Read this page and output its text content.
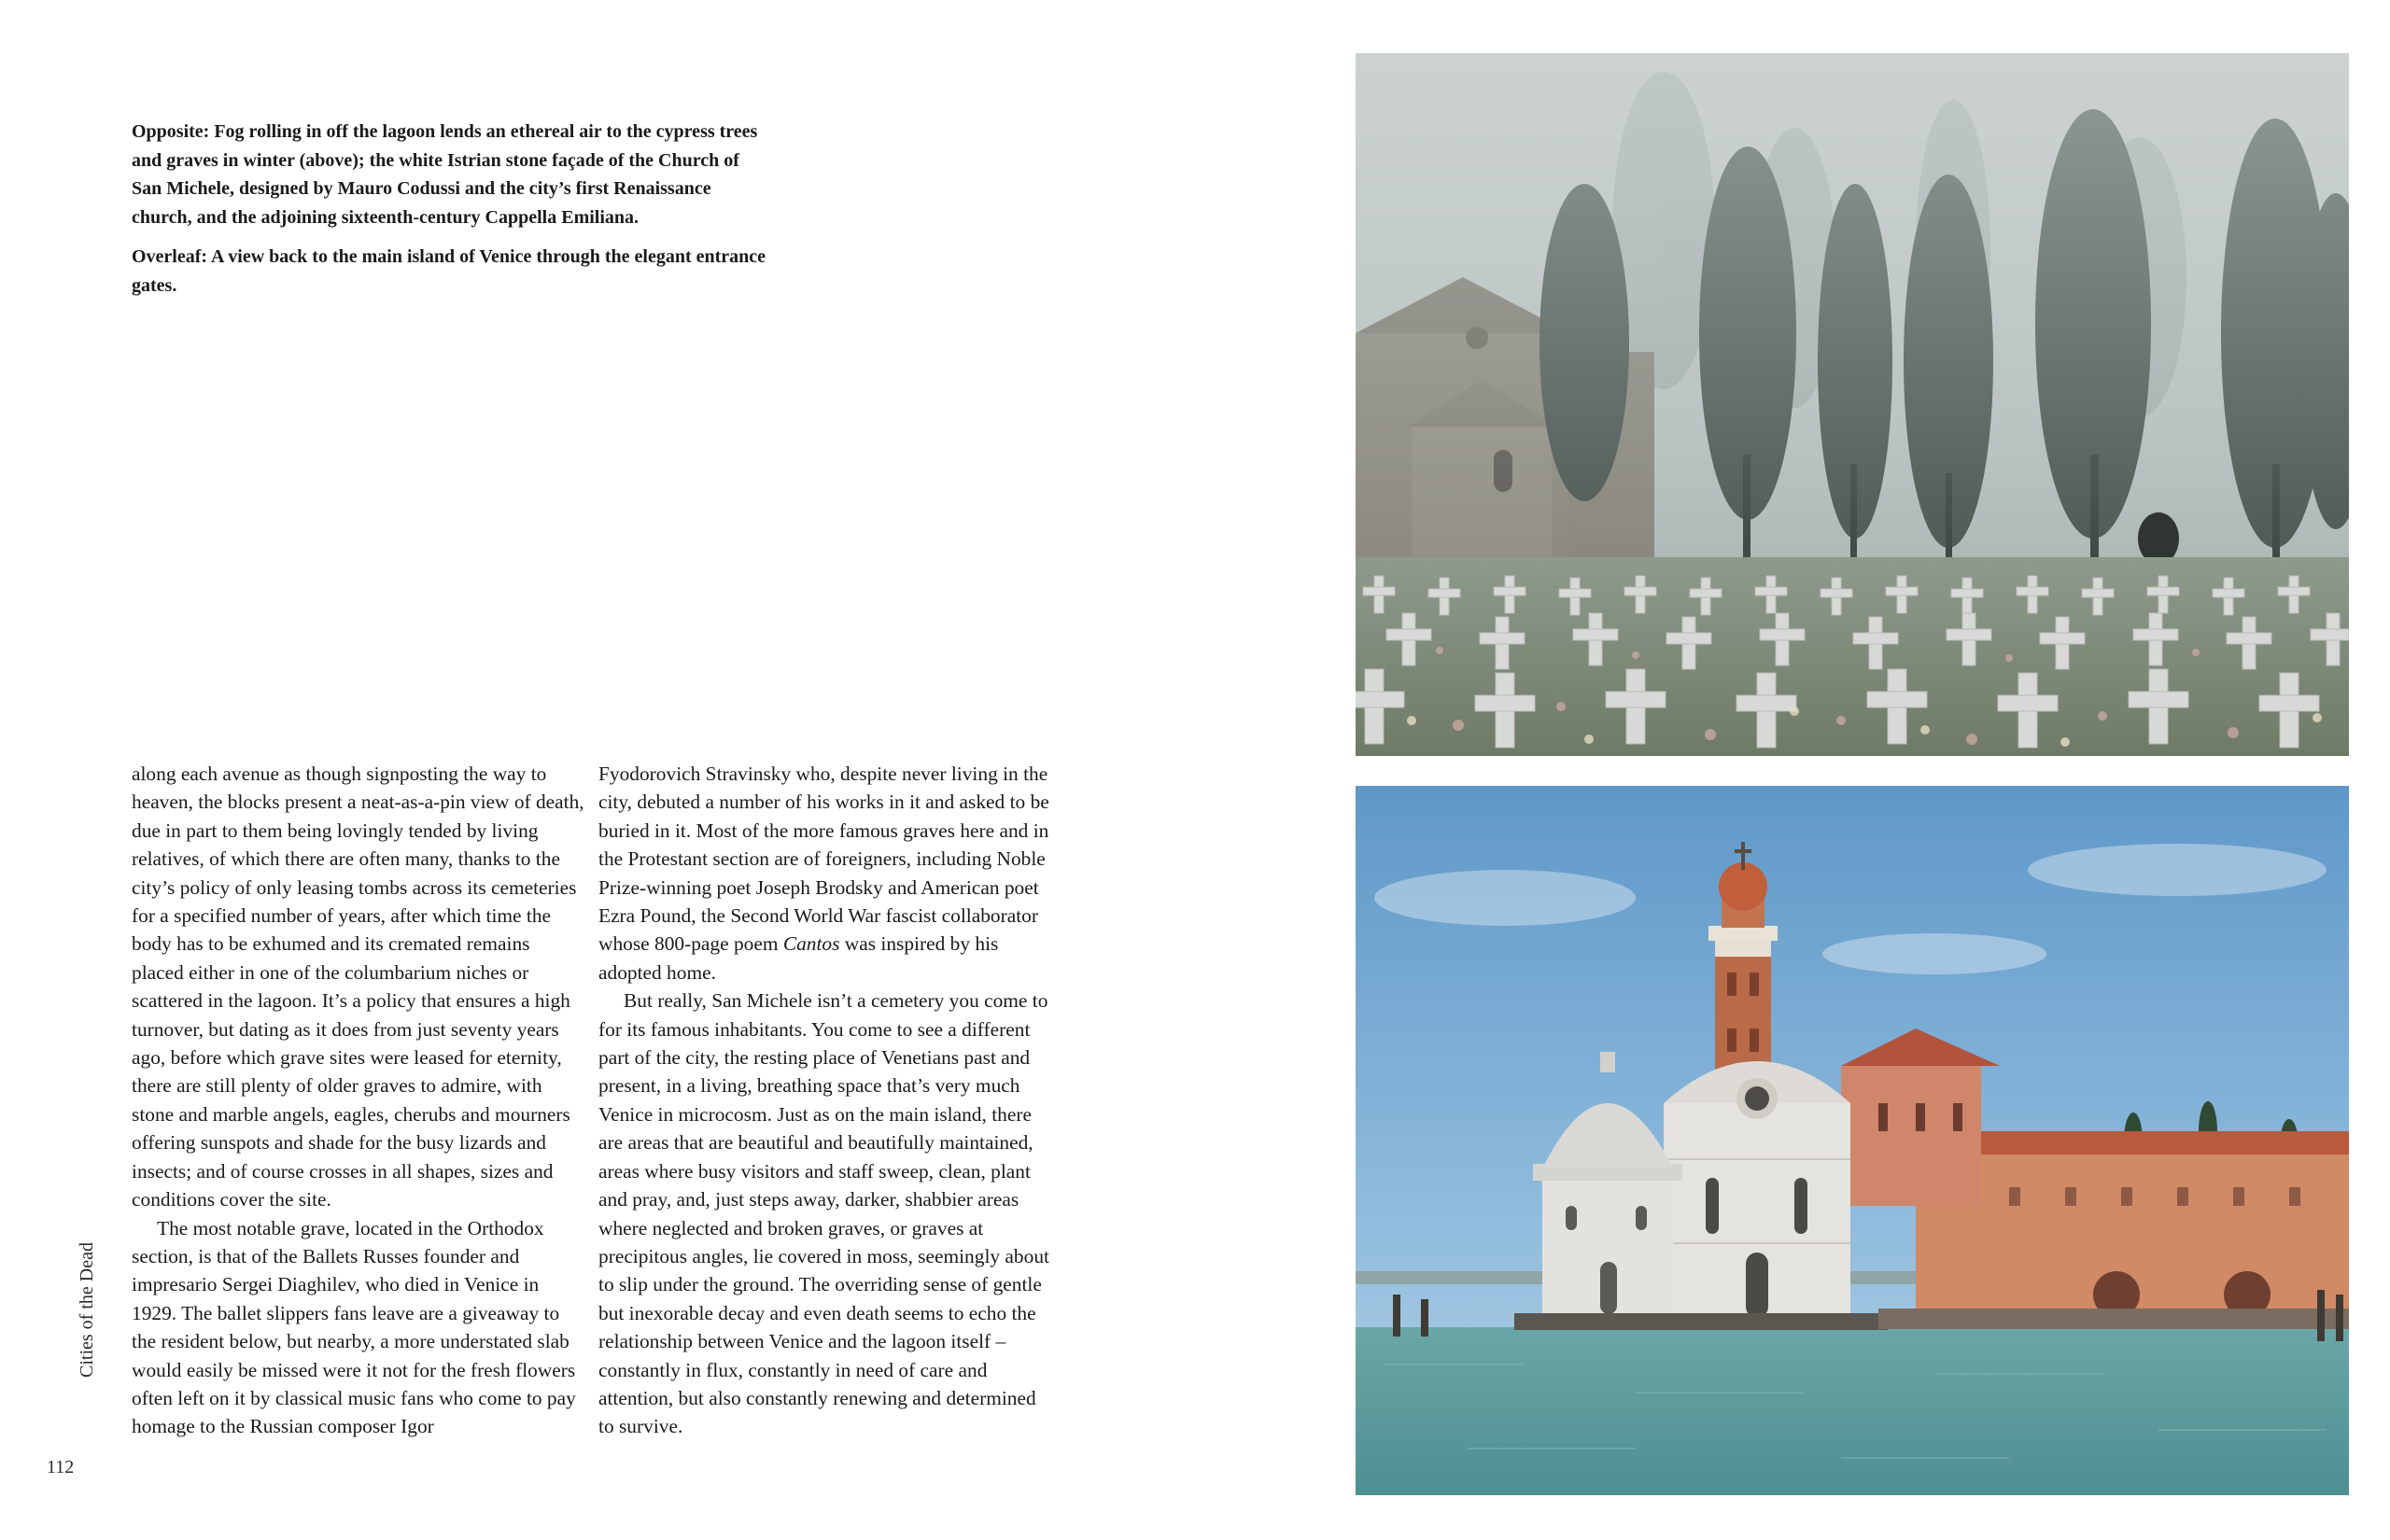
Opposite: Fog rolling in off the lagoon lends an ethereal air to the cypress trees and graves in winter (above); the white Istrian stone façade of the Church of San Michele, designed by Mauro Codussi and the city’s first Renaissance church, and the adjoining sixteenth-century Cappella Emiliana.

Overleaf: A view back to the main island of Venice through the elegant entrance gates.

along each avenue as though signposting the way to heaven, the blocks present a neat-as-a-pin view of death, due in part to them being lovingly tended by living relatives, of which there are often many, thanks to the city’s policy of only leasing tombs across its cemeteries for a specified number of years, after which time the body has to be exhumed and its cremated remains placed either in one of the columbarium niches or scattered in the lagoon. It’s a policy that ensures a high turnover, but dating as it does from just seventy years ago, before which grave sites were leased for eternity, there are still plenty of older graves to admire, with stone and marble angels, eagles, cherubs and mourners offering sunspots and shade for the busy lizards and insects; and of course crosses in all shapes, sizes and conditions cover the site.

The most notable grave, located in the Orthodox section, is that of the Ballets Russes founder and impresario Sergei Diaghilev, who died in Venice in 1929. The ballet slippers fans leave are a giveaway to the resident below, but nearby, a more understated slab would easily be missed were it not for the fresh flowers often left on it by classical music fans who come to pay homage to the Russian composer Igor

Fyodorovich Stravinsky who, despite never living in the city, debuted a number of his works in it and asked to be buried in it. Most of the more famous graves here and in the Protestant section are of foreigners, including Noble Prize-winning poet Joseph Brodsky and American poet Ezra Pound, the Second World War fascist collaborator whose 800-page poem Cantos was inspired by his adopted home.

But really, San Michele isn’t a cemetery you come to for its famous inhabitants. You come to see a different part of the city, the resting place of Venetians past and present, in a living, breathing space that’s very much Venice in microcosm. Just as on the main island, there are areas that are beautiful and beautifully maintained, areas where busy visitors and staff sweep, clean, plant and pray, and, just steps away, darker, shabbier areas where neglected and broken graves, or graves at precipitous angles, lie covered in moss, seemingly about to slip under the ground. The overriding sense of gentle but inexorable decay and even death seems to echo the relationship between Venice and the lagoon itself – constantly in flux, constantly in need of care and attention, but also constantly renewing and determined to survive.

Cities of the Dead
112
